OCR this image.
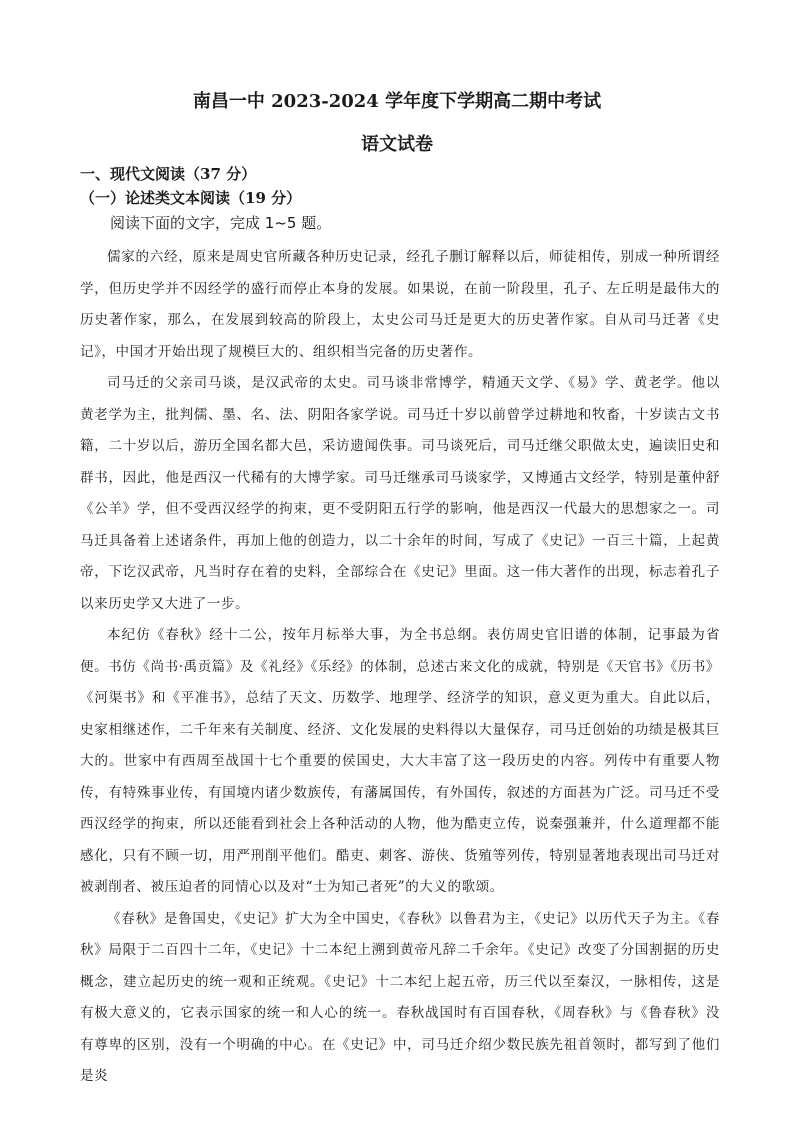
南昌一中 2023-2024 学年度下学期高二期中考试
语文试卷
一、现代文阅读（37 分）
（一）论述类文本阅读（19 分）
阅读下面的文字，完成 1~5 题。

儒家的六经，原来是周史官所藏各种历史记录，经孔子删订解释以后，师徒相传，别成一种所谓经学，但历史学并不因经学的盛行而停止本身的发展。如果说，在前一阶段里，孔子、左丘明是最伟大的历史著作家，那么，在发展到较高的阶段上，太史公司马迁是更大的历史著作家。自从司马迁著《史记》，中国才开始出现了规模巨大的、组织相当完备的历史著作。

司马迁的父亲司马谈，是汉武帝的太史。司马谈非常博学，精通天文学、《易》学、黄老学。他以黄老学为主，批判儒、墨、名、法、阴阳各家学说。司马迁十岁以前曾学过耕地和牧畜，十岁读古文书籍，二十岁以后，游历全国名都大邑，采访遗闻佚事。司马谈死后，司马迁继父职做太史，遍读旧史和群书，因此，他是西汉一代稀有的大博学家。司马迁继承司马谈家学，又博通古文经学，特别是董仲舒《公羊》学，但不受西汉经学的拘束，更不受阴阳五行学的影响，他是西汉一代最大的思想家之一。司马迁具备着上述诸条件，再加上他的创造力，以二十余年的时间，写成了《史记》一百三十篇，上起黄帝，下讫汉武帝，凡当时存在着的史料，全部综合在《史记》里面。这一伟大著作的出现，标志着孔子以来历史学又大进了一步。

本纪仿《春秋》经十二公，按年月标举大事，为全书总纲。表仿周史官旧谱的体制，记事最为省便。书仿《尚书·禹贡篇》及《礼经》《乐经》的体制，总述古来文化的成就，特别是《天官书》《历书》《河渠书》和《平准书》，总结了天文、历数学、地理学、经济学的知识，意义更为重大。自此以后，史家相继述作，二千年来有关制度、经济、文化发展的史料得以大量保存，司马迁创始的功绩是极其巨大的。世家中有西周至战国十七个重要的侯国史，大大丰富了这一段历史的内容。列传中有重要人物传，有特殊事业传，有国境内诸少数族传，有藩属国传，有外国传，叙述的方面甚为广泛。司马迁不受西汉经学的拘束，所以还能看到社会上各种活动的人物，他为酷吏立传，说秦强兼并，什么道理都不能感化，只有不顾一切，用严刑削平他们。酷吏、刺客、游侠、货殖等列传，特别显著地表现出司马迁对被剥削者、被压迫者的同情心以及对“士为知己者死”的大义的歌颂。

《春秋》是鲁国史，《史记》扩大为全中国史，《春秋》以鲁君为主，《史记》以历代天子为主。《春秋》局限于二百四十二年，《史记》十二本纪上溯到黄帝凡辞二千余年。《史记》改变了分国割据的历史概念，建立起历史的统一观和正统观。《史记》十二本纪上起五帝，历三代以至秦汉，一脉相传，这是有极大意义的，它表示国家的统一和人心的统一。春秋战国时有百国春秋，《周春秋》与《鲁春秋》没有尊卑的区别，没有一个明确的中心。在《史记》中，司马迁介绍少数民族先祖首领时，都写到了他们是炎
